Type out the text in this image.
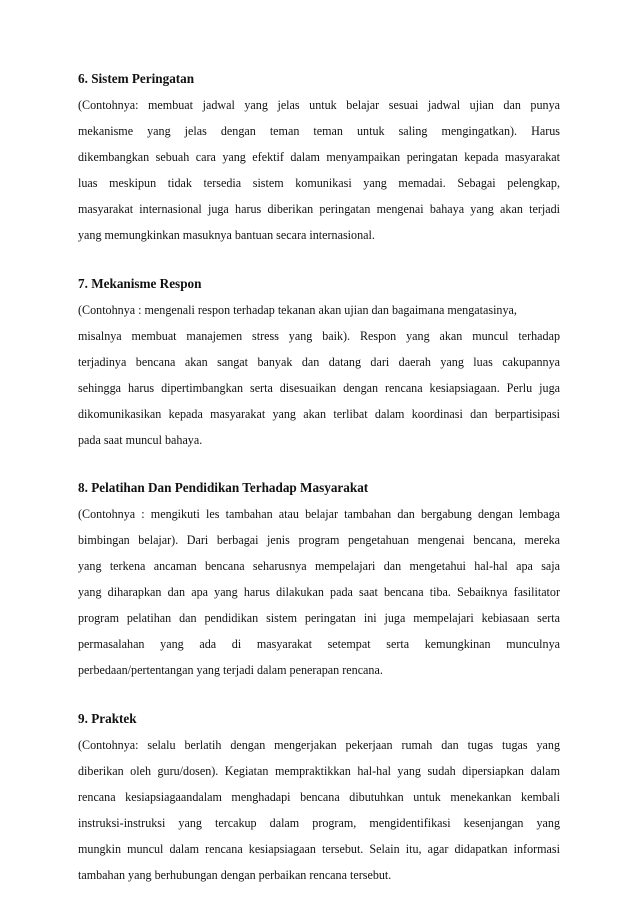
6. Sistem Peringatan

(Contohnya: membuat jadwal yang jelas untuk belajar sesuai jadwal ujian dan punya
mekanisme yang jelas dengan teman teman untuk saling mengingatkan). Harus
dikembangkan sebuah cara yang efektif dalam menyampaikan peringatan kepada masyarakat
luas meskipun tidak tersedia sistem komunikasi yang memadai. Sebagai pelengkap,
masyarakat internasional juga harus diberikan peringatan mengenai bahaya yang akan terjadi
yang memungkinkan masuknya bantuan secara internasional.

7. Mekanisme Respon

(Contohnya : mengenali respon terhadap tekanan akan ujian dan bagaimana mengatasinya,
misalnya membuat manajemen stress yang baik). Respon yang akan muncul terhadap
terjadinya bencana akan sangat banyak dan datang dari daerah yang luas cakupannya
sehingga harus dipertimbangkan serta disesuaikan dengan rencana kesiapsiagaan. Perlu juga
dikomunikasikan kepada masyarakat yang akan terlibat dalam koordinasi dan berpartisipasi
pada saat muncul bahaya.

8. Pelatihan Dan Pendidikan Terhadap Masyarakat

(Contohnya : mengikuti les tambahan atau belajar tambahan dan bergabung dengan lembaga
bimbingan belajar). Dari berbagai jenis program pengetahuan mengenai bencana, mereka
yang terkena ancaman bencana seharusnya mempelajari dan mengetahui hal-hal apa saja
yang diharapkan dan apa yang harus dilakukan pada saat bencana tiba. Sebaiknya fasilitator
program pelatihan dan pendidikan sistem peringatan ini juga mempelajari kebiasaan serta
permasalahan yang ada di masyarakat setempat serta kemungkinan munculnya
perbedaan/pertentangan yang terjadi dalam penerapan rencana.

9. Praktek

(Contohnya: selalu berlatih dengan mengerjakan pekerjaan rumah dan tugas tugas yang
diberikan oleh guru/dosen). Kegiatan mempraktikkan hal-hal yang sudah dipersiapkan dalam
rencana kesiapsiagaandalam menghadapi bencana dibutuhkan untuk menekankan kembali
instruksi-instruksi yang tercakup dalam program, mengidentifikasi kesenjangan yang
mungkin muncul dalam rencana kesiapsiagaan tersebut. Selain itu, agar didapatkan informasi
tambahan yang berhubungan dengan perbaikan rencana tersebut.
